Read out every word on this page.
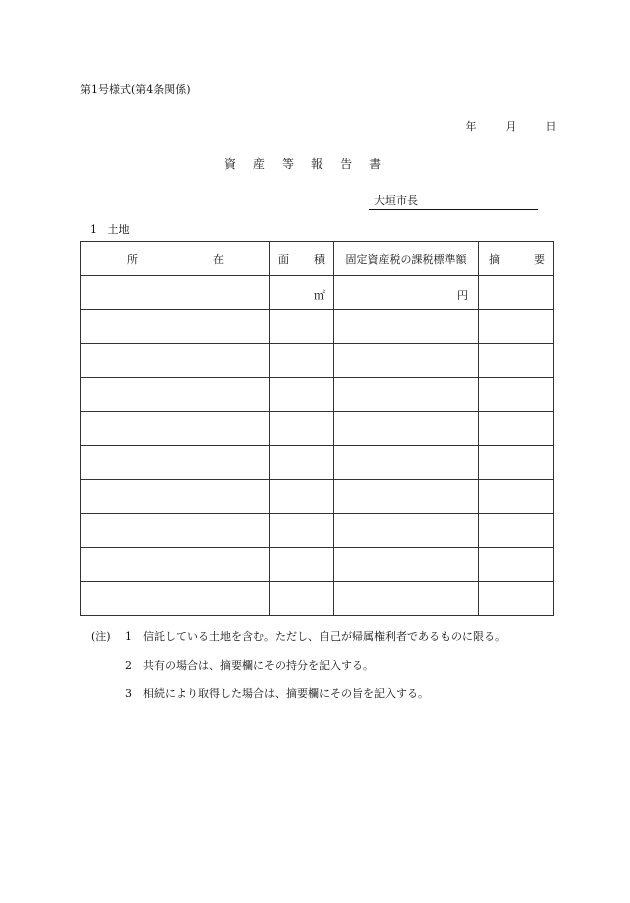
第1号様式(第4条関係)
年	月	日
資産等報告書
大垣市長
1 土地
所 在	面 積	固定資産税の課税標準額	摘 要

	㎡	円	

(注) 1 信託している土地を含む。ただし、自己が帰属権利者であるものに限る。
2 共有の場合は、摘要欄にその持分を記入する。
3 相続により取得した場合は、摘要欄にその旨を記入する。
